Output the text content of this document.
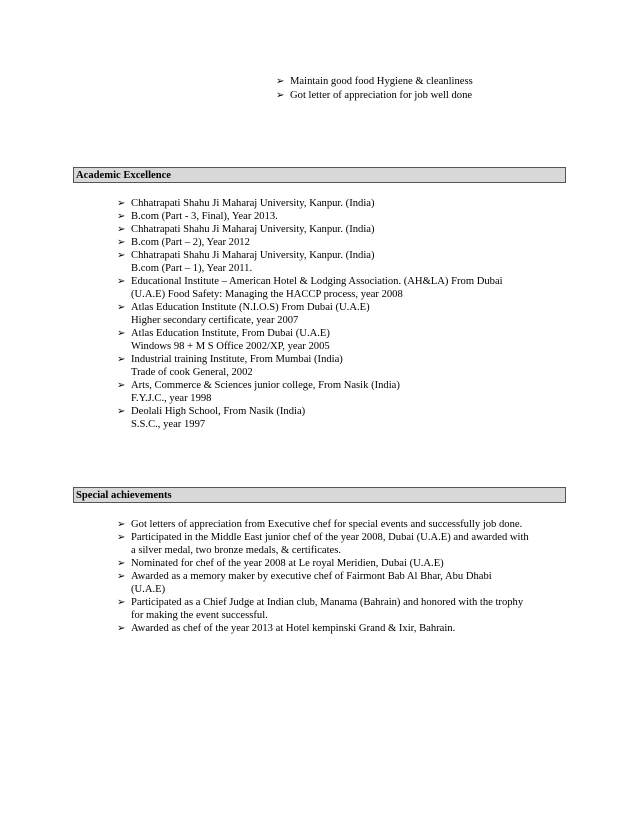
➢ Maintain good food Hygiene & cleanliness
➢ Got letter of appreciation for job well done
Academic Excellence
➢ Chhatrapati Shahu Ji Maharaj University, Kanpur. (India)
➢ B.com (Part - 3, Final), Year 2013.
➢ Chhatrapati Shahu Ji Maharaj University, Kanpur. (India)
➢ B.com (Part – 2), Year 2012
➢ Chhatrapati Shahu Ji Maharaj University, Kanpur. (India)
B.com (Part – 1), Year 2011.
➢ Educational Institute – American Hotel & Lodging Association. (AH&LA) From Dubai
(U.A.E) Food Safety: Managing the HACCP process, year 2008
➢ Atlas Education Institute (N.I.O.S) From Dubai (U.A.E)
Higher secondary certificate, year 2007
➢ Atlas Education Institute, From Dubai (U.A.E)
Windows 98 + M S Office 2002/XP, year 2005
➢ Industrial training Institute, From Mumbai (India)
Trade of cook General, 2002
➢ Arts, Commerce & Sciences junior college, From Nasik (India)
F.Y.J.C., year 1998
➢ Deolali High School, From Nasik (India)
S.S.C., year 1997
Special achievements
➢ Got letters of appreciation from Executive chef for special events and successfully job done.
➢ Participated in the Middle East junior chef of the year 2008, Dubai (U.A.E) and awarded with
a silver medal, two bronze medals, & certificates.
➢ Nominated for chef of the year 2008 at Le royal Meridien, Dubai (U.A.E)
➢ Awarded as a memory maker by executive chef of Fairmont Bab Al Bhar, Abu Dhabi
(U.A.E)
➢ Participated as a Chief Judge at Indian club, Manama (Bahrain) and honored with the trophy
for making the event successful.
➢ Awarded as chef of the year 2013 at Hotel kempinski Grand & Ixir, Bahrain.
